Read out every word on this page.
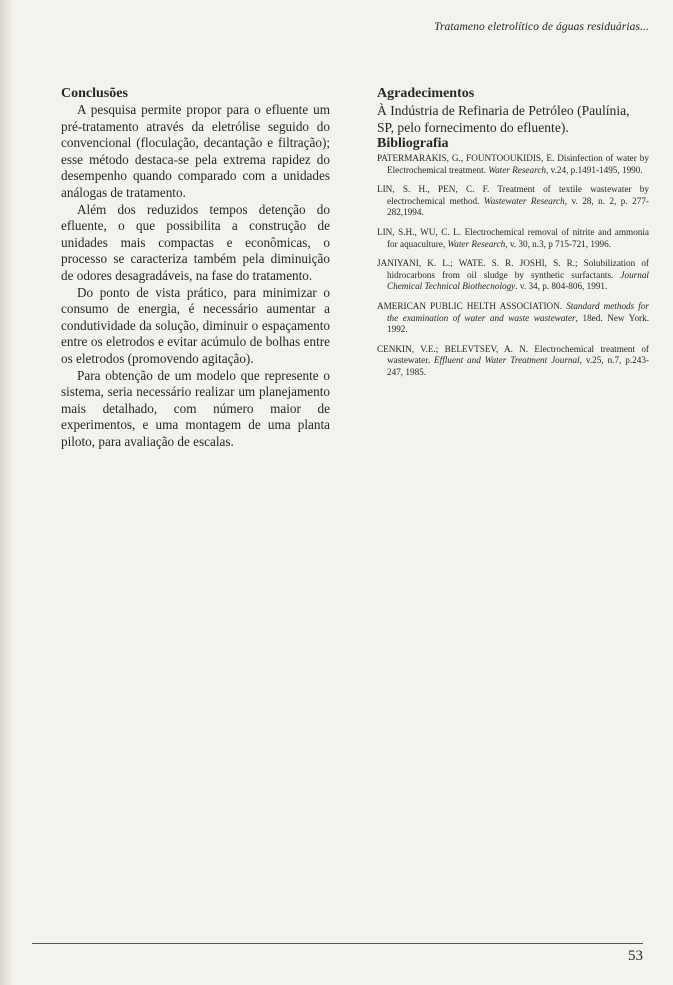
Tratameno eletrolítico de águas residuárias...
Conclusões

A pesquisa permite propor para o efluente um pré-tratamento através da eletrólise seguido do convencional (floculação, decantação e filtração); esse método destaca-se pela extrema rapidez do desempenho quando comparado com a unidades análogas de tratamento.

Além dos reduzidos tempos detenção do efluente, o que possibilita a construção de unidades mais compactas e econômicas, o processo se caracteriza também pela diminuição de odores desagradáveis, na fase do tratamento.

Do ponto de vista prático, para minimizar o consumo de energia, é necessário aumentar a condutividade da solução, diminuir o espaçamento entre os eletrodos e evitar acúmulo de bolhas entre os eletrodos (promovendo agitação).

Para obtenção de um modelo que represente o sistema, seria necessário realizar um planejamento mais detalhado, com número maior de experimentos, e uma montagem de uma planta piloto, para avaliação de escalas.

Agradecimentos

À Indústria de Refinaria de Petróleo (Paulínia, SP, pelo fornecimento do efluente).

Bibliografia
PATERMARAKIS, G., FOUNTOOUKIDIS, E. Disinfection of water by Electrochemical treatment. Water Research, v.24, p.1491-1495, 1990.
LIN, S. H., PEN, C. F. Treatment of textile wastewater by electrochemical method. Wastewater Research, v. 28, n. 2, p. 277-282,1994.
LIN, S.H., WU, C. L. Electrochemical removal of nitrite and ammonia for aquaculture, Water Research, v. 30, n.3, p 715-721, 1996.
JANIYANI, K. L.; WATE. S. R. JOSHI, S. R.; Solubilization of hidrocarbons from oil sludge by synthetic surfactants. Journal Chemical Technical Biothecnology. v. 34, p. 804-806, 1991.
AMERICAN PUBLIC HELTH ASSOCIATION. Standard methods for the examination of water and waste wastewater, 18ed. New York. 1992.
CENKIN, V.E.; BELEVTSEV, A. N. Electrochemical treatment of wastewater. Effluent and Water Treatment Journal, v.25, n.7, p.243-247, 1985.
53
